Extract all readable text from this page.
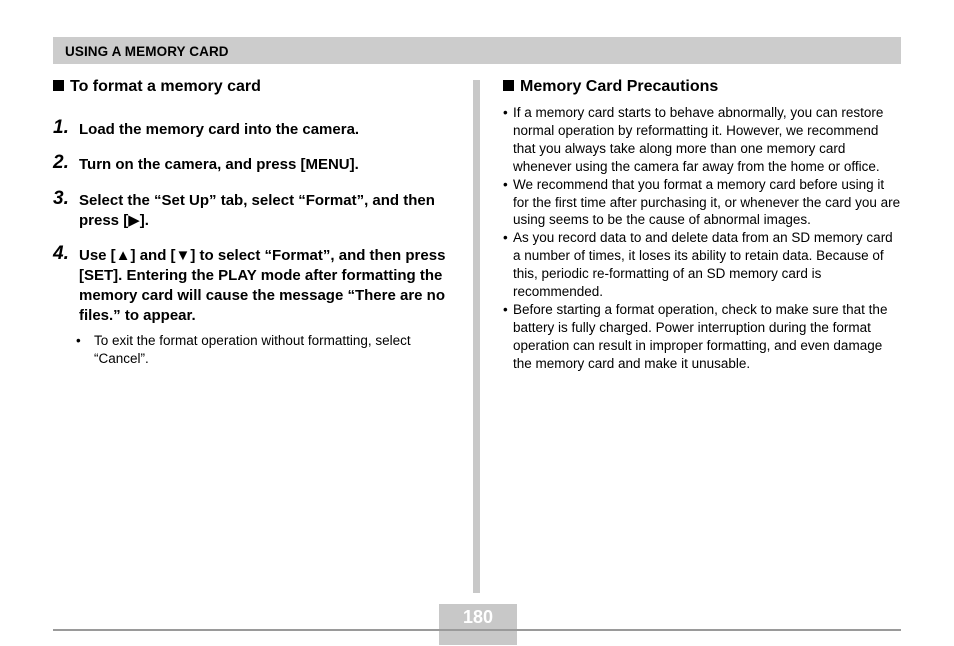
USING A MEMORY CARD
To format a memory card
1. Load the memory card into the camera.
2. Turn on the camera, and press [MENU].
3. Select the “Set Up” tab, select “Format”, and then press [▶].
4. Use [▲] and [▼] to select “Format”, and then press [SET]. Entering the PLAY mode after formatting the memory card will cause the message “There are no files.” to appear.
• To exit the format operation without formatting, select “Cancel”.
Memory Card Precautions
• If a memory card starts to behave abnormally, you can restore normal operation by reformatting it. However, we recommend that you always take along more than one memory card whenever using the camera far away from the home or office.
• We recommend that you format a memory card before using it for the first time after purchasing it, or whenever the card you are using seems to be the cause of abnormal images.
• As you record data to and delete data from an SD memory card a number of times, it loses its ability to retain data. Because of this, periodic re-formatting of an SD memory card is recommended.
• Before starting a format operation, check to make sure that the battery is fully charged. Power interruption during the format operation can result in improper formatting, and even damage the memory card and make it unusable.
180
